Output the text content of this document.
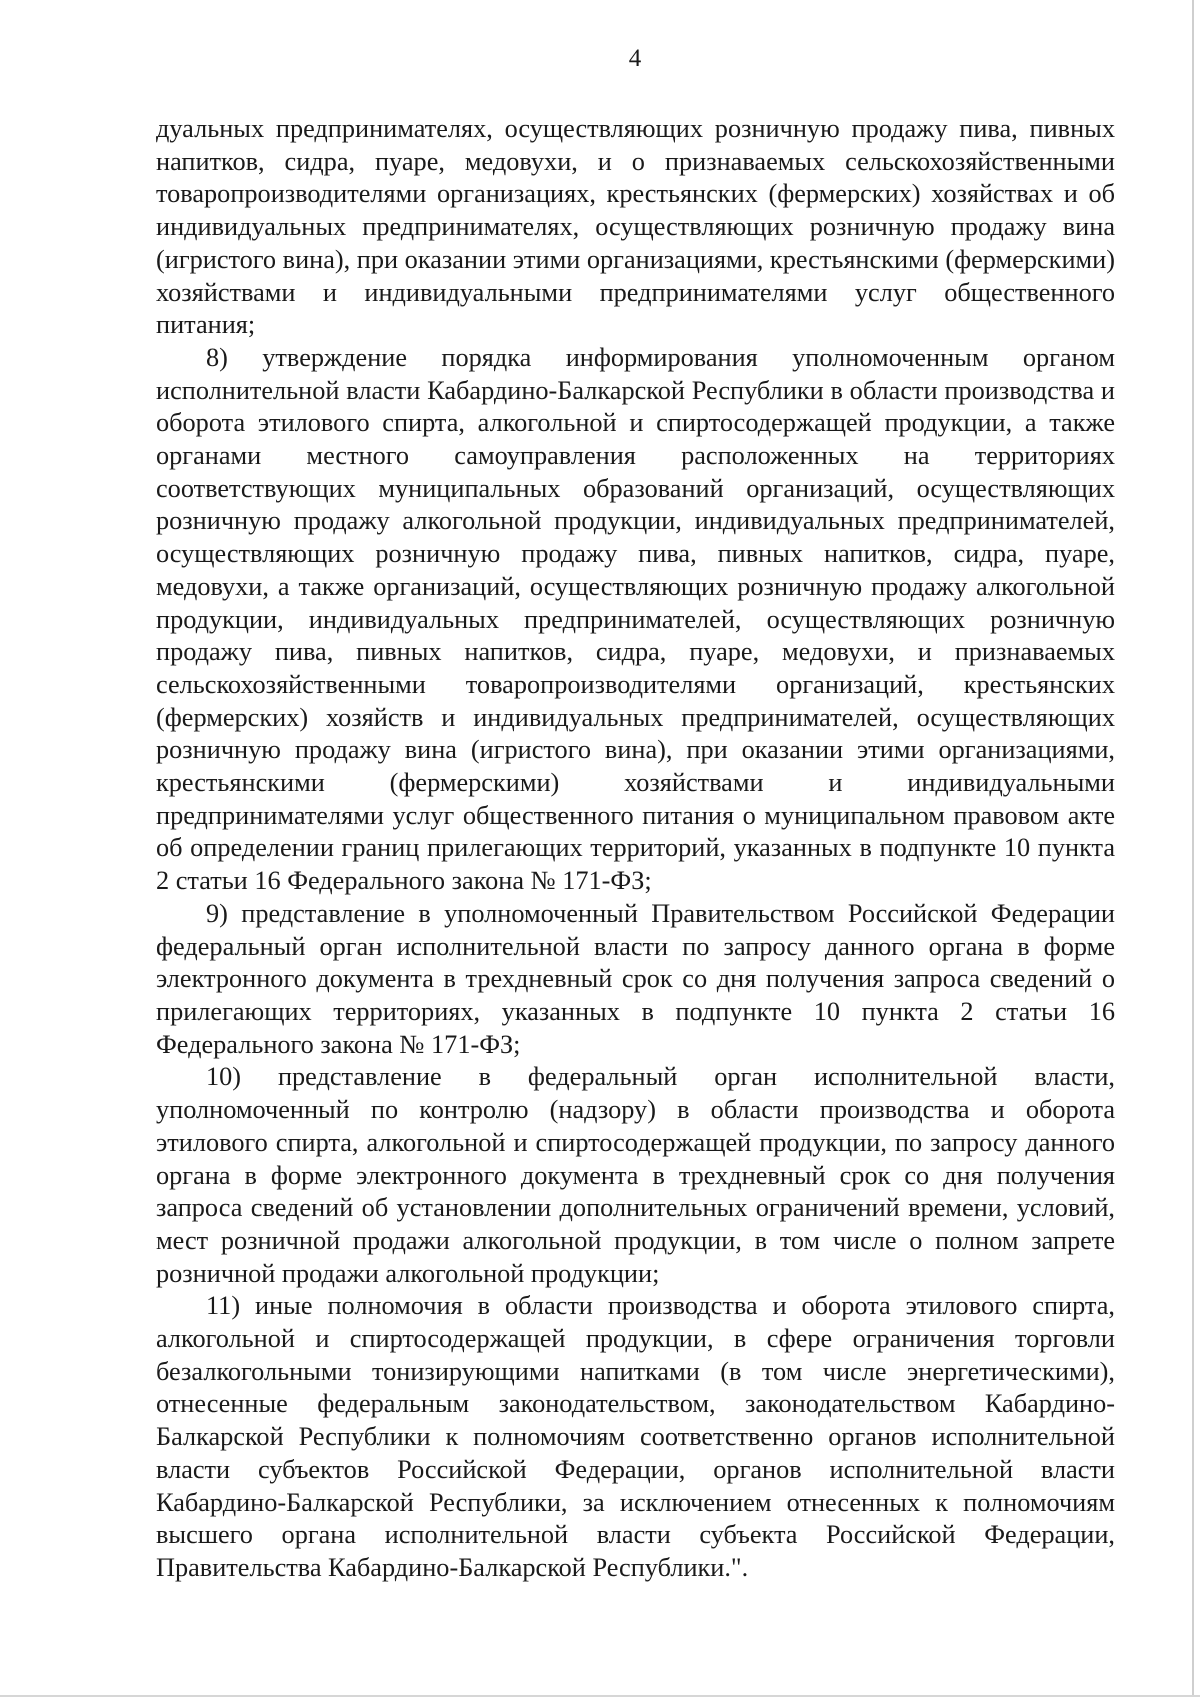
4

дуальных предпринимателях, осуществляющих розничную продажу пива, пивных напитков, сидра, пуаре, медовухи, и о признаваемых сельскохозяйственными товаропроизводителями организациях, крестьянских (фермерских) хозяйствах и об индивидуальных предпринимателях, осуществляющих розничную продажу вина (игристого вина), при оказании этими организациями, крестьянскими (фермерскими) хозяйствами и индивидуальными предпринимателями услуг общественного питания;

8) утверждение порядка информирования уполномоченным органом исполнительной власти Кабардино-Балкарской Республики в области производства и оборота этилового спирта, алкогольной и спиртосодержащей продукции, а также органами местного самоуправления расположенных на территориях соответствующих муниципальных образований организаций, осуществляющих розничную продажу алкогольной продукции, индивидуальных предпринимателей, осуществляющих розничную продажу пива, пивных напитков, сидра, пуаре, медовухи, а также организаций, осуществляющих розничную продажу алкогольной продукции, индивидуальных предпринимателей, осуществляющих розничную продажу пива, пивных напитков, сидра, пуаре, медовухи, и признаваемых сельскохозяйственными товаропроизводителями организаций, крестьянских (фермерских) хозяйств и индивидуальных предпринимателей, осуществляющих розничную продажу вина (игристого вина), при оказании этими организациями, крестьянскими (фермерскими) хозяйствами и индивидуальными предпринимателями услуг общественного питания о муниципальном правовом акте об определении границ прилегающих территорий, указанных в подпункте 10 пункта 2 статьи 16 Федерального закона № 171-ФЗ;

9) представление в уполномоченный Правительством Российской Федерации федеральный орган исполнительной власти по запросу данного органа в форме электронного документа в трехдневный срок со дня получения запроса сведений о прилегающих территориях, указанных в подпункте 10 пункта 2 статьи 16 Федерального закона № 171-ФЗ;

10) представление в федеральный орган исполнительной власти, уполномоченный по контролю (надзору) в области производства и оборота этилового спирта, алкогольной и спиртосодержащей продукции, по запросу данного органа в форме электронного документа в трехдневный срок со дня получения запроса сведений об установлении дополнительных ограничений времени, условий, мест розничной продажи алкогольной продукции, в том числе о полном запрете розничной продажи алкогольной продукции;

11) иные полномочия в области производства и оборота этилового спирта, алкогольной и спиртосодержащей продукции, в сфере ограничения торговли безалкогольными тонизирующими напитками (в том числе энергетическими), отнесенные федеральным законодательством, законодательством Кабардино-Балкарской Республики к полномочиям соответственно органов исполнительной власти субъектов Российской Федерации, органов исполнительной власти Кабардино-Балкарской Республики, за исключением отнесенных к полномочиям высшего органа исполнительной власти субъекта Российской Федерации, Правительства Кабардино-Балкарской Республики.".
